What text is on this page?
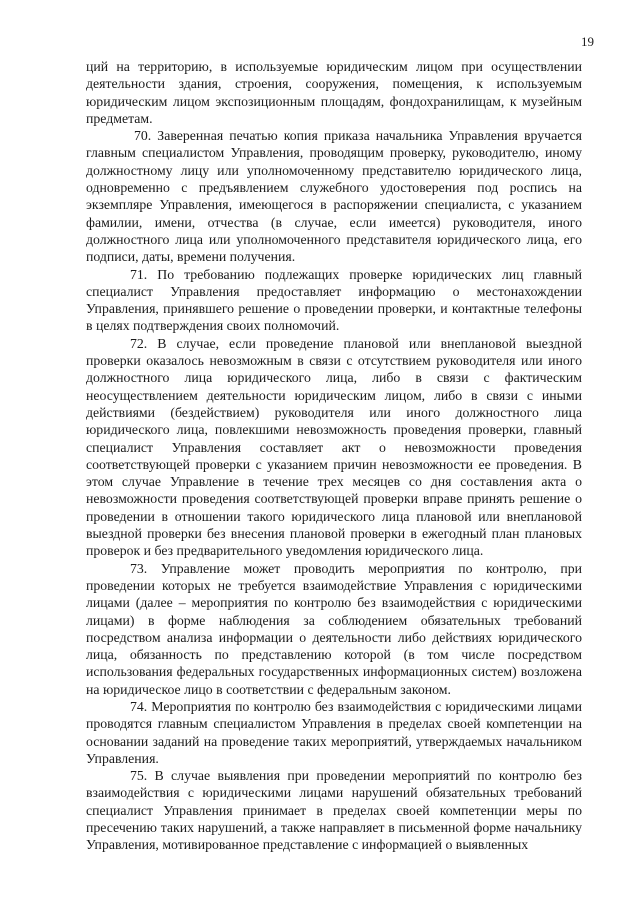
19

ций на территорию, в используемые юридическим лицом при осуществлении деятельности здания, строения, сооружения, помещения, к используемым юридическим лицом экспозиционным площадям, фондохранилищам, к музейным предметам.

70. Заверенная печатью копия приказа начальника Управления вручается главным специалистом Управления, проводящим проверку, руководителю, иному должностному лицу или уполномоченному представителю юридического лица, одновременно с предъявлением служебного удостоверения под роспись на экземпляре Управления, имеющегося в распоряжении специалиста, с указанием фамилии, имени, отчества (в случае, если имеется) руководителя, иного должностного лица или уполномоченного представителя юридического лица, его подписи, даты, времени получения.

71. По требованию подлежащих проверке юридических лиц главный специалист Управления предоставляет информацию о местонахождении Управления, принявшего решение о проведении проверки, и контактные телефоны в целях подтверждения своих полномочий.

72. В случае, если проведение плановой или внеплановой выездной проверки оказалось невозможным в связи с отсутствием руководителя или иного должностного лица юридического лица, либо в связи с фактическим неосуществлением деятельности юридическим лицом, либо в связи с иными действиями (бездействием) руководителя или иного должностного лица юридического лица, повлекшими невозможность проведения проверки, главный специалист Управления составляет акт о невозможности проведения соответствующей проверки с указанием причин невозможности ее проведения. В этом случае Управление в течение трех месяцев со дня составления акта о невозможности проведения соответствующей проверки вправе принять решение о проведении в отношении такого юридического лица плановой или внеплановой выездной проверки без внесения плановой проверки в ежегодный план плановых проверок и без предварительного уведомления юридического лица.

73. Управление может проводить мероприятия по контролю, при проведении которых не требуется взаимодействие Управления с юридическими лицами (далее – мероприятия по контролю без взаимодействия с юридическими лицами) в форме наблюдения за соблюдением обязательных требований посредством анализа информации о деятельности либо действиях юридического лица, обязанность по представлению которой (в том числе посредством использования федеральных государственных информационных систем) возложена на юридическое лицо в соответствии с федеральным законом.

74. Мероприятия по контролю без взаимодействия с юридическими лицами проводятся главным специалистом Управления в пределах своей компетенции на основании заданий на проведение таких мероприятий, утверждаемых начальником Управления.

75. В случае выявления при проведении мероприятий по контролю без взаимодействия с юридическими лицами нарушений обязательных требований специалист Управления принимает в пределах своей компетенции меры по пресечению таких нарушений, а также направляет в письменной форме начальнику Управления, мотивированное представление с информацией о выявленных
